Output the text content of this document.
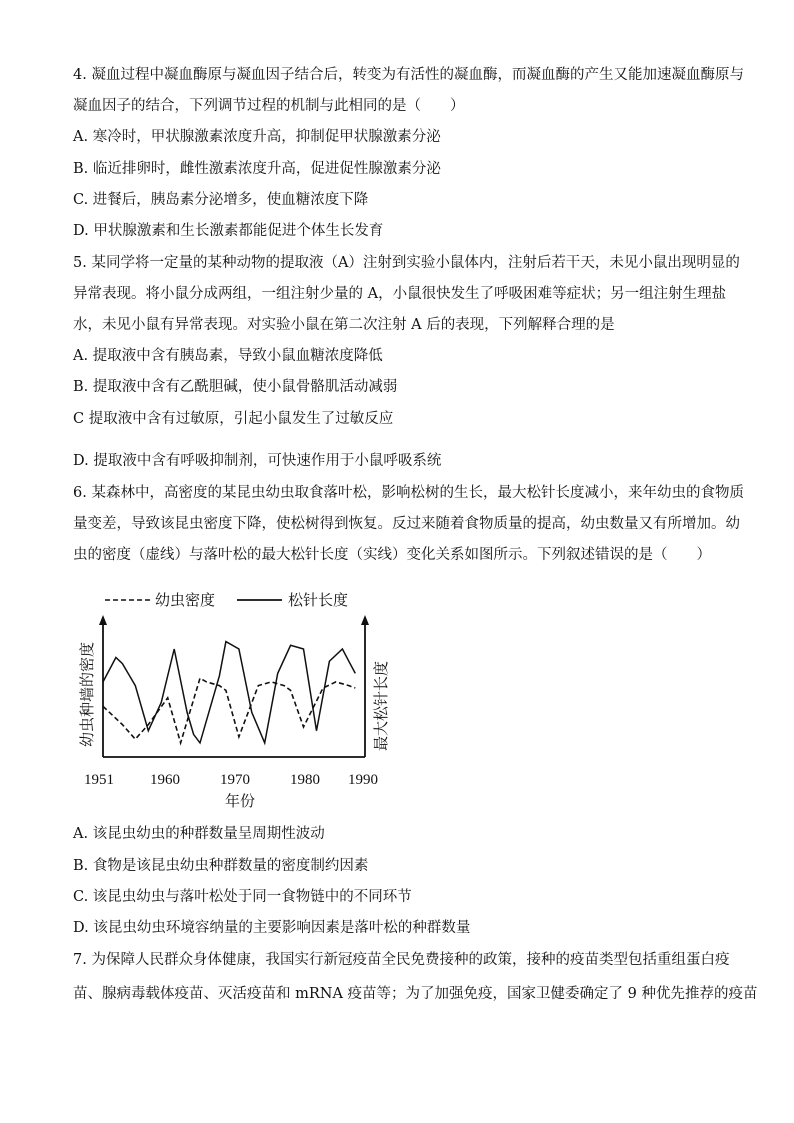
4. 凝血过程中凝血酶原与凝血因子结合后，转变为有活性的凝血酶，而凝血酶的产生又能加速凝血酶原与
凝血因子的结合，下列调节过程的机制与此相同的是（　　）
A. 寒冷时，甲状腺激素浓度升高，抑制促甲状腺激素分泌
B. 临近排卵时，雌性激素浓度升高，促进促性腺激素分泌
C. 进餐后，胰岛素分泌增多，使血糖浓度下降
D. 甲状腺激素和生长激素都能促进个体生长发育
5. 某同学将一定量的某种动物的提取液（A）注射到实验小鼠体内，注射后若干天，未见小鼠出现明显的
异常表现。将小鼠分成两组，一组注射少量的 A，小鼠很快发生了呼吸困难等症状；另一组注射生理盐
水，未见小鼠有异常表现。对实验小鼠在第二次注射 A 后的表现，下列解释合理的是
A. 提取液中含有胰岛素，导致小鼠血糖浓度降低
B. 提取液中含有乙酰胆碱，使小鼠骨骼肌活动减弱
C 提取液中含有过敏原，引起小鼠发生了过敏反应
D. 提取液中含有呼吸抑制剂，可快速作用于小鼠呼吸系统
6. 某森林中，高密度的某昆虫幼虫取食落叶松，影响松树的生长，最大松针长度减小，来年幼虫的食物质
量变差，导致该昆虫密度下降，使松树得到恢复。反过来随着食物质量的提高，幼虫数量又有所增加。幼
虫的密度（虚线）与落叶松的最大松针长度（实线）变化关系如图所示。下列叙述错误的是（　　）
幼虫密度	松针长度
幼虫种墙的密度	最大松针长度
年份
1951 1960	1970	1980 1990
A. 该昆虫幼虫的种群数量呈周期性波动
B. 食物是该昆虫幼虫种群数量的密度制约因素
C. 该昆虫幼虫与落叶松处于同一食物链中的不同环节
D. 该昆虫幼虫环境容纳量的主要影响因素是落叶松的种群数量
7. 为保障人民群众身体健康，我国实行新冠疫苗全民免费接种的政策，接种的疫苗类型包括重组蛋白疫
苗、腺病毒载体疫苗、灭活疫苗和 mRNA 疫苗等；为了加强免疫，国家卫健委确定了 9 种优先推荐的疫苗
